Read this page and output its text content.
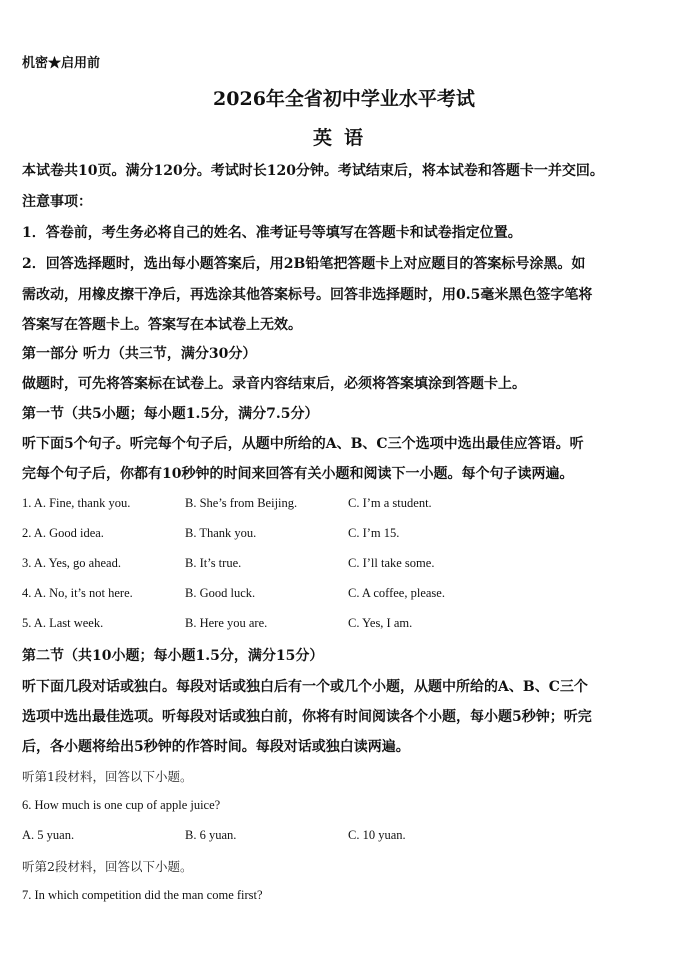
机密★启用前
2026年全省初中学业水平考试
英语
本试卷共10页。满分120分。考试时长120分钟。考试结束后，将本试卷和答题卡一并交回。
注意事项：
1．答卷前，考生务必将自己的姓名、准考证号等填写在答题卡和试卷指定位置。
2．回答选择题时，选出每小题答案后，用2B铅笔把答题卡上对应题目的答案标号涂黑。如
需改动，用橡皮擦干净后，再选涂其他答案标号。回答非选择题时，用0.5毫米黑色签字笔将
答案写在答题卡上。答案写在本试卷上无效。
第一部分 听力（共三节，满分30分）
做题时，可先将答案标在试卷上。录音内容结束后，必须将答案填涂到答题卡上。
第一节（共5小题；每小题1.5分，满分7.5分）
听下面5个句子。听完每个句子后，从题中所给的A、B、C三个选项中选出最佳应答语。听
完每个句子后，你都有10秒钟的时间来回答有关小题和阅读下一小题。每个句子读两遍。
1. A. Fine, thank you.	B. She’s from Beijing.	C. I’m a student.
2. A. Good idea.	B. Thank you.	C. I’m 15.
3. A. Yes, go ahead.	B. It’s true.	C. I’ll take some.
4. A. No, it’s not here.	B. Good luck.	C. A coffee, please.
5. A. Last week.	B. Here you are.	C. Yes, I am.
第二节（共10小题；每小题1.5分，满分15分）
听下面几段对话或独白。每段对话或独白后有一个或几个小题，从题中所给的A、B、C三个
选项中选出最佳选项。听每段对话或独白前，你将有时间阅读各个小题，每小题5秒钟；听完
后，各小题将给出5秒钟的作答时间。每段对话或独白读两遍。
听第1段材料，回答以下小题。
6. How much is one cup of apple juice?
A. 5 yuan.	B. 6 yuan.	C. 10 yuan.
听第2段材料，回答以下小题。
7. In which competition did the man come first?
